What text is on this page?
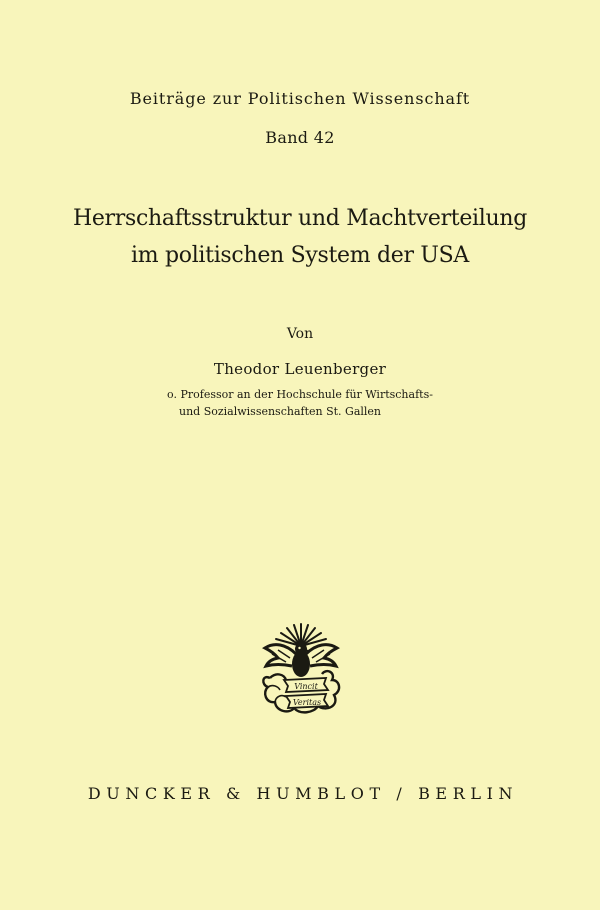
Beiträge zur Politischen Wissenschaft
Band 42
Herrschaftsstruktur und Machtverteilung
im politischen System der USA
Von
Theodor Leuenberger
o. Professor an der Hochschule für Wirtschafts-
und Sozialwissenschaften St. Gallen
Vincit
Veritas
DUNCKER & HUMBLOT / BERLIN
